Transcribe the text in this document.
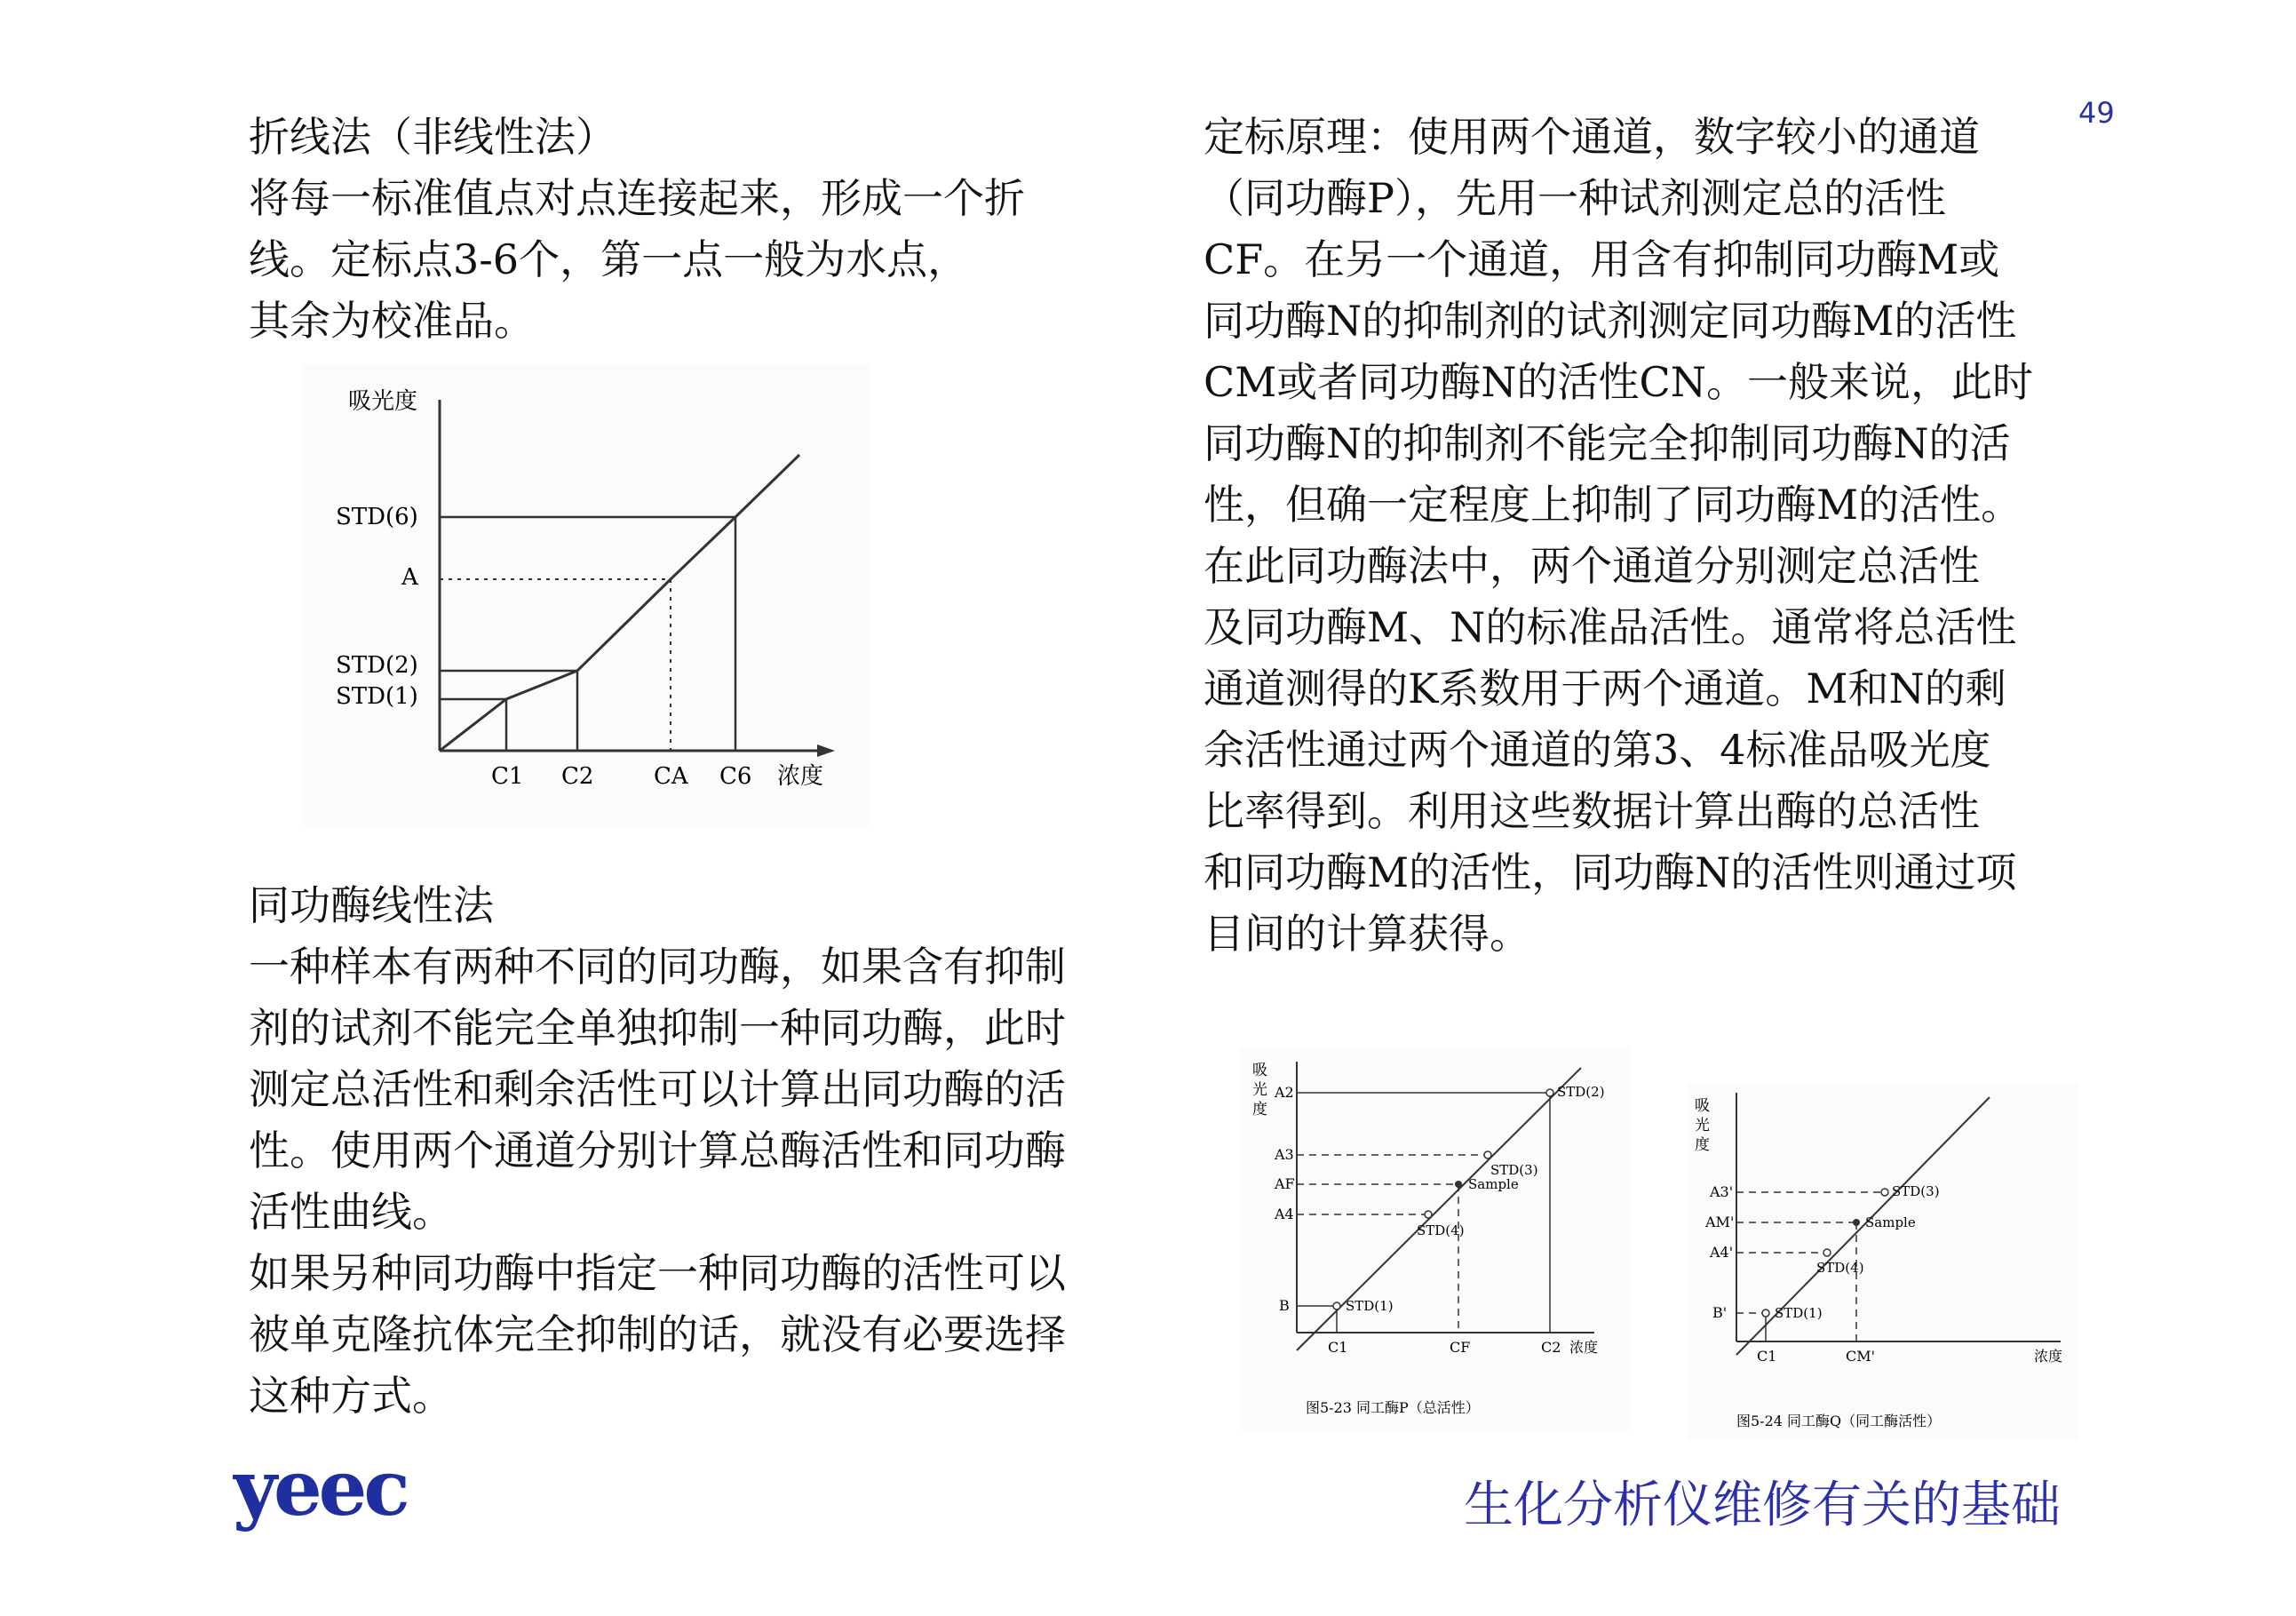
49

折线法（非线性法）

将每一标准值点对点连接起来，形成一个折

线。定标点3-6个，第一点一般为水点，

其余为校准品。

吸光度
STD(6)
A
STD(2)
STD(1)
C1 C2	CA C6 浓度

同功酶线性法

一种样本有两种不同的同功酶，如果含有抑制

剂的试剂不能完全单独抑制一种同功酶，此时

测定总活性和剩余活性可以计算出同功酶的活

性。使用两个通道分别计算总酶活性和同功酶

活性曲线。

如果另种同功酶中指定一种同功酶的活性可以

被单克隆抗体完全抑制的话，就没有必要选择

这种方式。

定标原理：使用两个通道，数字较小的通道

（同功酶P），先用一种试剂测定总的活性

CF。在另一个通道，用含有抑制同功酶M或

同功酶N的抑制剂的试剂测定同功酶M的活性

CM或者同功酶N的活性CN。一般来说，此时

同功酶N的抑制剂不能完全抑制同功酶N的活

性，但确一定程度上抑制了同功酶M的活性。

在此同功酶法中，两个通道分别测定总活性

及同功酶M、N的标准品活性。通常将总活性

通道测得的K系数用于两个通道。M和N的剩

余活性通过两个通道的第3、4标准品吸光度

比率得到。利用这些数据计算出酶的总活性

和同功酶M的活性，同功酶N的活性则通过项

目间的计算获得。

吸
光
度
A2	STD(2)
A3
STD(3)
AF	Sample
A4
STD(4)
B	STD(1)
C1	CF	C2 浓度
图5-23 同工酶P（总活性）
吸
光
度
A3'	STD(3)
AM'	Sample
A4'
STD(4)
B'	STD(1)
C1	CM'	浓度
图5-24 同工酶Q（同工酶活性）
yeec	生化分析仪维修有关的基础
